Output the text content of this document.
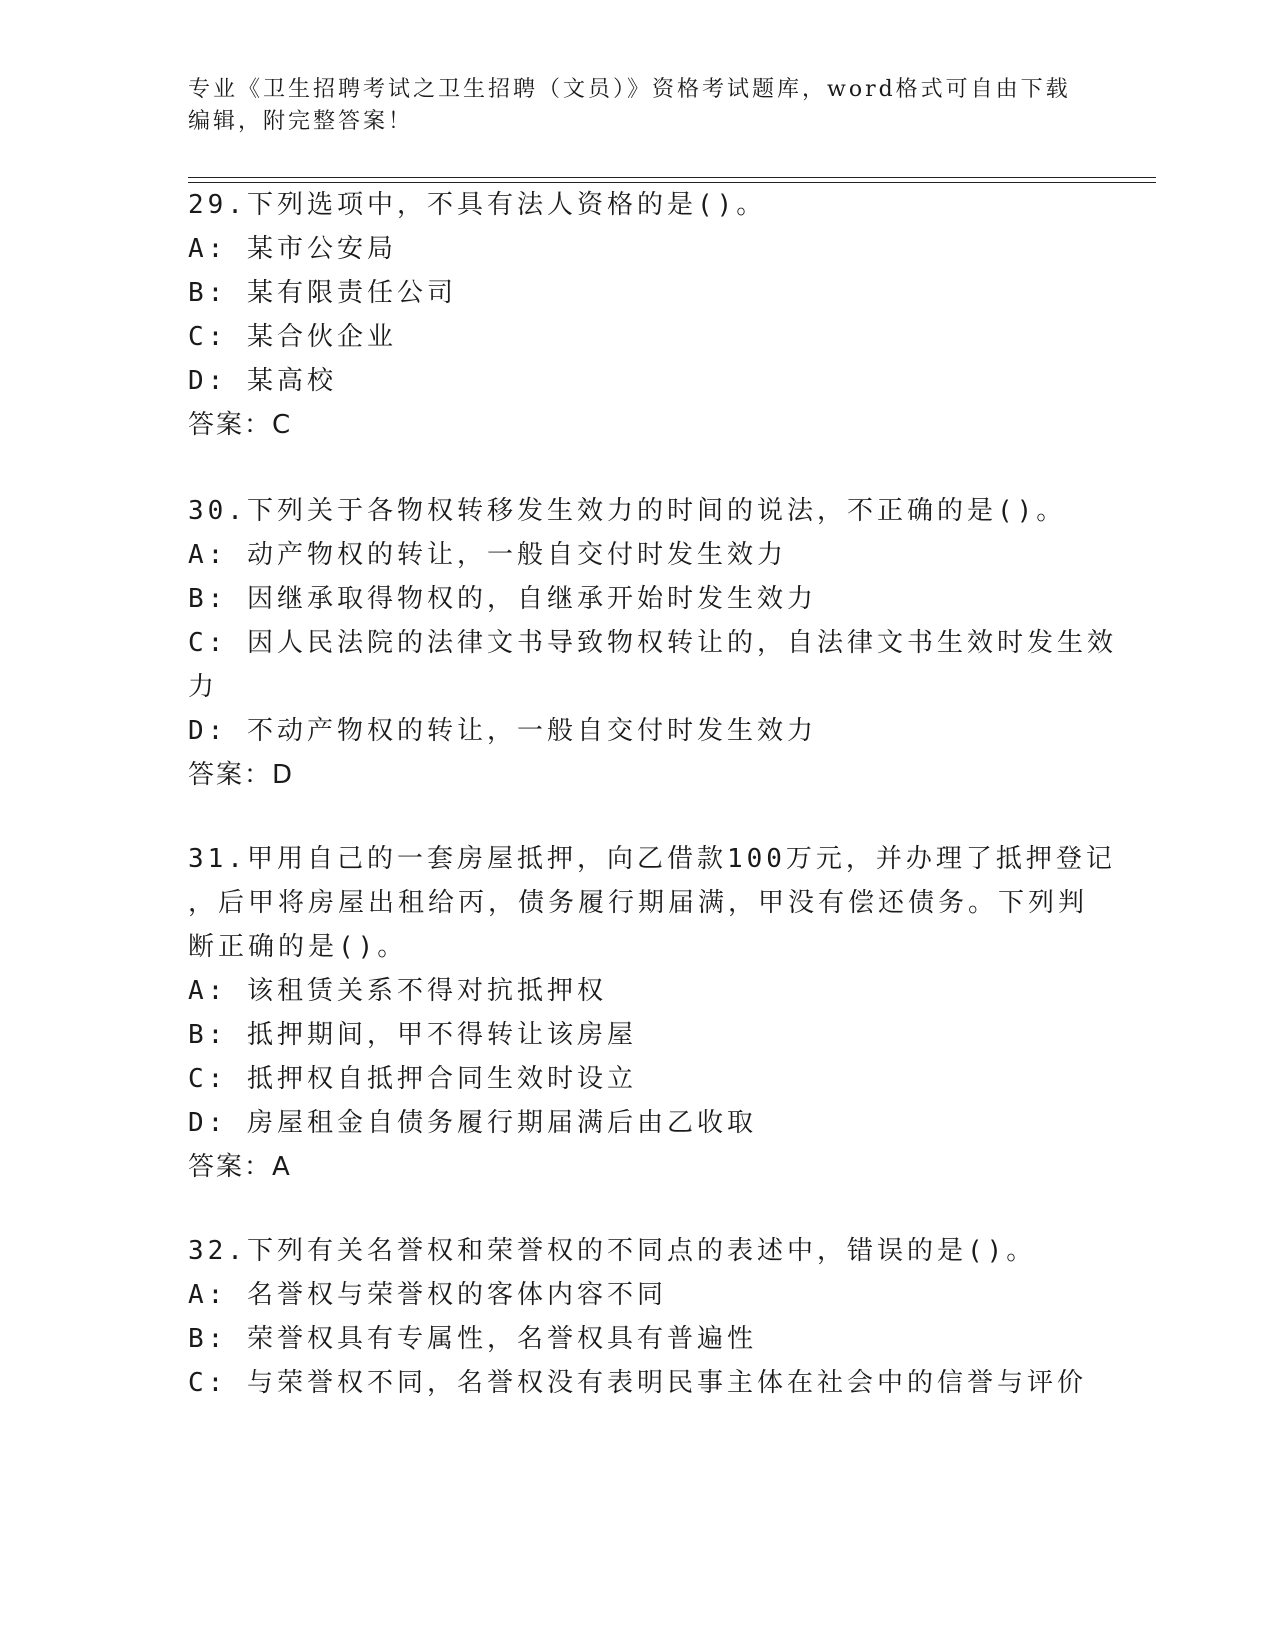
专业《卫生招聘考试之卫生招聘（文员）》资格考试题库，word格式可自由下载
编辑，附完整答案！
29.下列选项中，不具有法人资格的是()。
A: 某市公安局
B: 某有限责任公司
C: 某合伙企业
D: 某高校
答案：C
30.下列关于各物权转移发生效力的时间的说法，不正确的是()。
A: 动产物权的转让，一般自交付时发生效力
B: 因继承取得物权的，自继承开始时发生效力
C: 因人民法院的法律文书导致物权转让的，自法律文书生效时发生效
力
D: 不动产物权的转让，一般自交付时发生效力
答案：D
31.甲用自己的一套房屋抵押，向乙借款100万元，并办理了抵押登记
，后甲将房屋出租给丙，债务履行期届满，甲没有偿还债务。下列判
断正确的是()。
A: 该租赁关系不得对抗抵押权
B: 抵押期间，甲不得转让该房屋
C: 抵押权自抵押合同生效时设立
D: 房屋租金自债务履行期届满后由乙收取
答案：A
32.下列有关名誉权和荣誉权的不同点的表述中，错误的是()。
A: 名誉权与荣誉权的客体内容不同
B: 荣誉权具有专属性，名誉权具有普遍性
C: 与荣誉权不同，名誉权没有表明民事主体在社会中的信誉与评价
